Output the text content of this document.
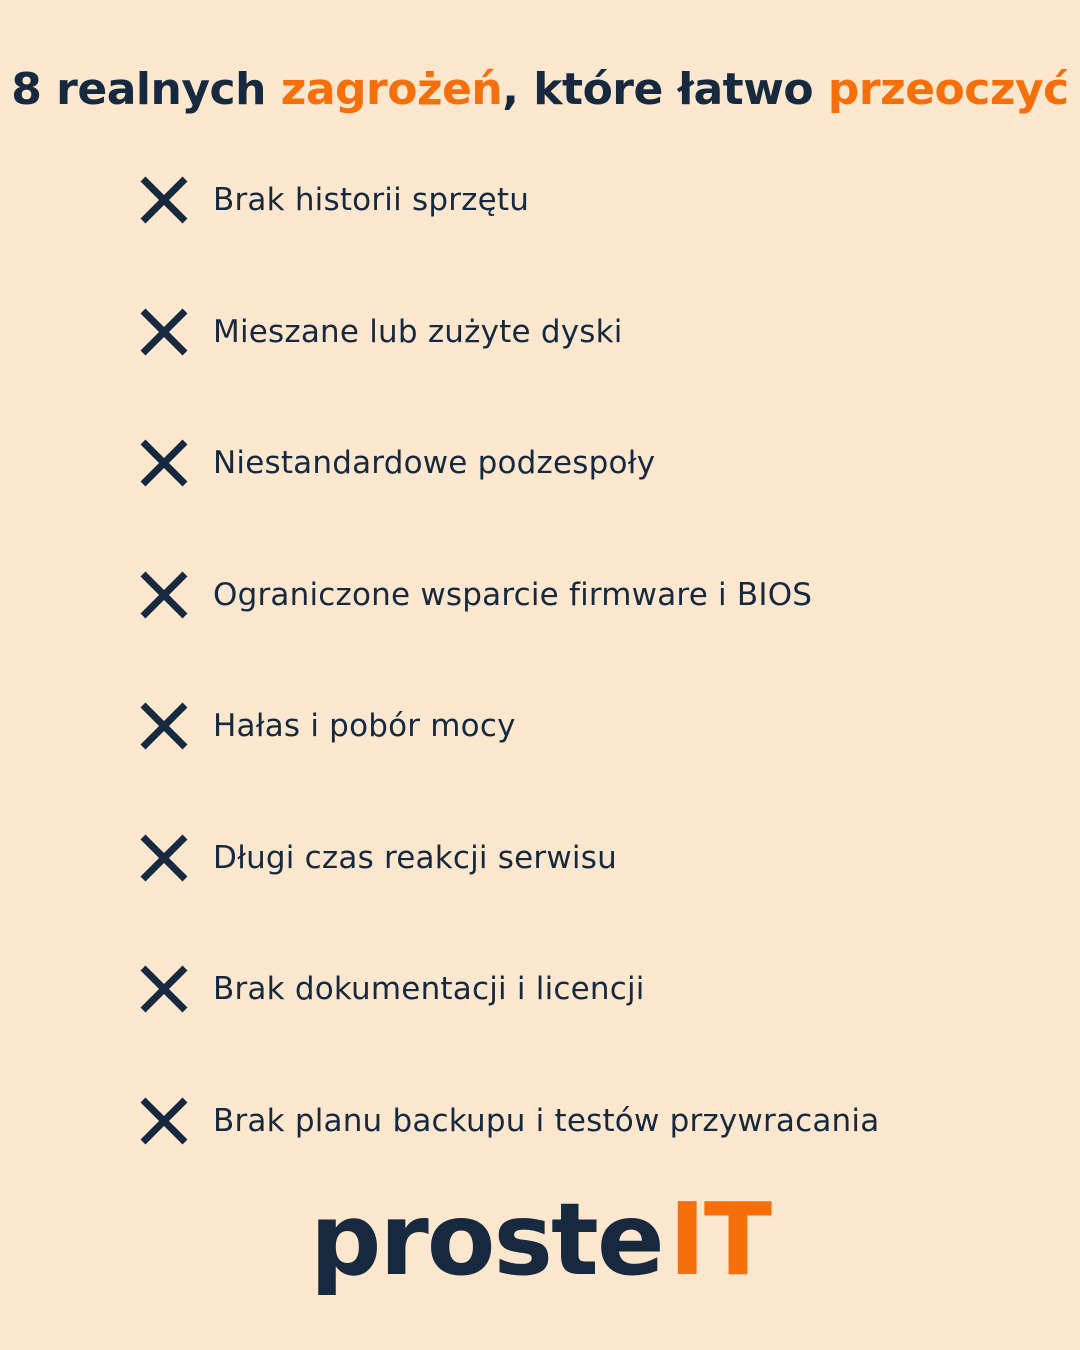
8 realnych zagrożeń, które łatwo przeoczyć
Brak historii sprzętu
Mieszane lub zużyte dyski
Niestandardowe podzespoły
Ograniczone wsparcie firmware i BIOS
Hałas i pobór mocy
Długi czas reakcji serwisu
Brak dokumentacji i licencji
Brak planu backupu i testów przywracania
prosteIT
